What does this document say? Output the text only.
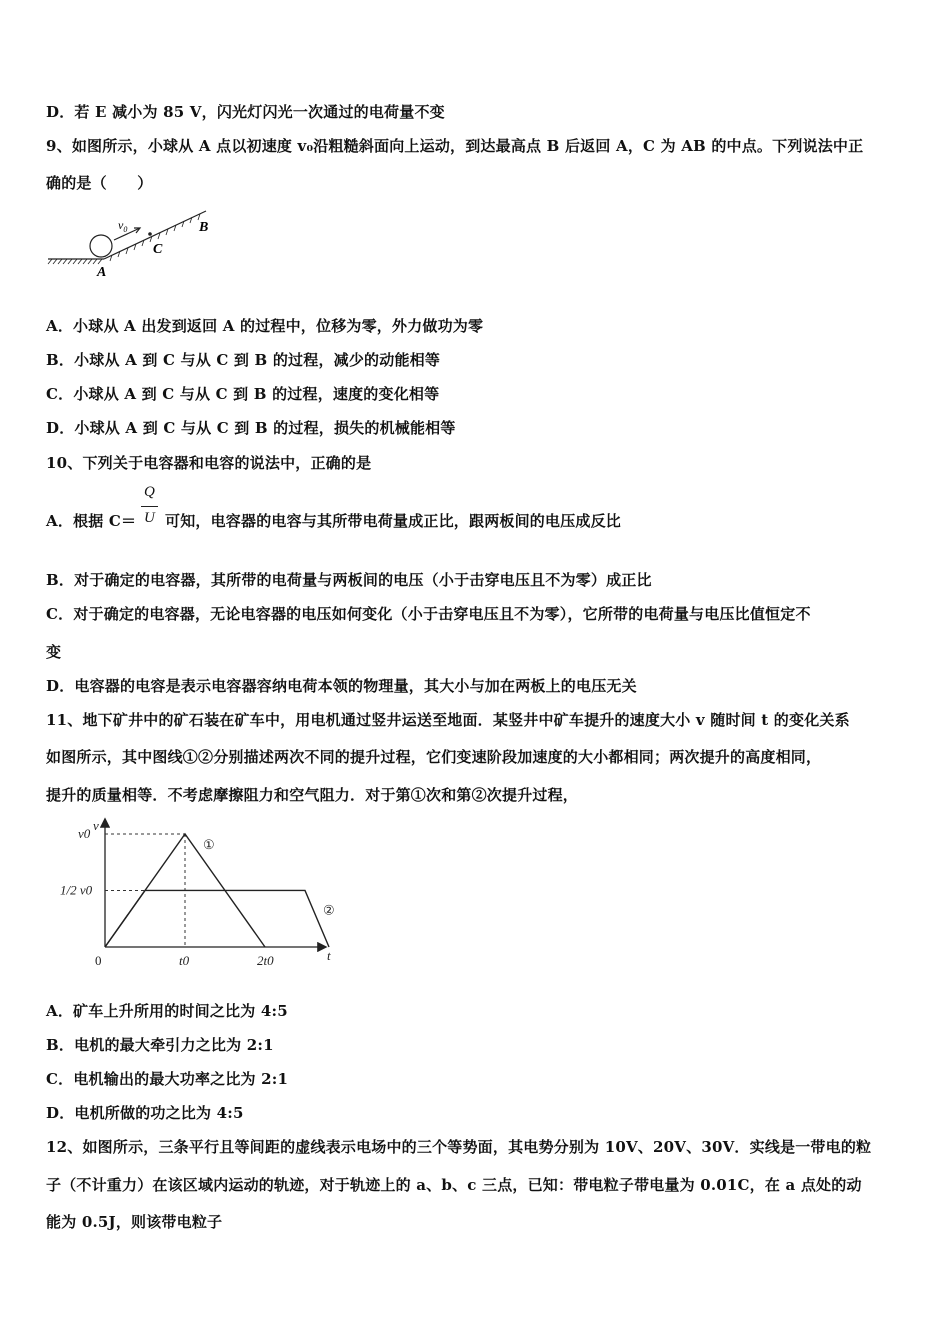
D．若 E 减小为 85 V，闪光灯闪光一次通过的电荷量不变
9、如图所示，小球从 A 点以初速度 v₀沿粗糙斜面向上运动，到达最高点 B 后返回 A，C 为 AB 的中点。下列说法中正
确的是（　　）
$v_0$
C
B
A
A．小球从 A 出发到返回 A 的过程中，位移为零，外力做功为零
B．小球从 A 到 C 与从 C 到 B 的过程，减少的动能相等
C．小球从 A 到 C 与从 C 到 B 的过程，速度的变化相等
D．小球从 A 到 C 与从 C 到 B 的过程，损失的机械能相等
10、下列关于电容器和电容的说法中，正确的是
A．根据 C＝
Q
U 可知，电容器的电容与其所带电荷量成正比，跟两板间的电压成反比
B．对于确定的电容器，其所带的电荷量与两板间的电压（小于击穿电压且不为零）成正比
C．对于确定的电容器，无论电容器的电压如何变化（小于击穿电压且不为零），它所带的电荷量与电压比值恒定不
变
D．电容器的电容是表示电容器容纳电荷本领的物理量，其大小与加在两板上的电压无关
11、地下矿井中的矿石装在矿车中，用电机通过竖井运送至地面．某竖井中矿车提升的速度大小 v 随时间 t 的变化关系
如图所示，其中图线①②分别描述两次不同的提升过程，它们变速阶段加速度的大小都相同；两次提升的高度相同，
提升的质量相等．不考虑摩擦阻力和空气阻力．对于第①次和第②次提升过程，
v
t
0	t0	2t0
v0
1/2 v0
①
②
A．矿车上升所用的时间之比为 4:5
B．电机的最大牵引力之比为 2:1
C．电机输出的最大功率之比为 2:1
D．电机所做的功之比为 4:5
12、如图所示，三条平行且等间距的虚线表示电场中的三个等势面，其电势分别为 10V、20V、30V．实线是一带电的粒
子（不计重力）在该区域内运动的轨迹，对于轨迹上的 a、b、c 三点，已知：带电粒子带电量为 0.01C，在 a 点处的动
能为 0.5J，则该带电粒子
